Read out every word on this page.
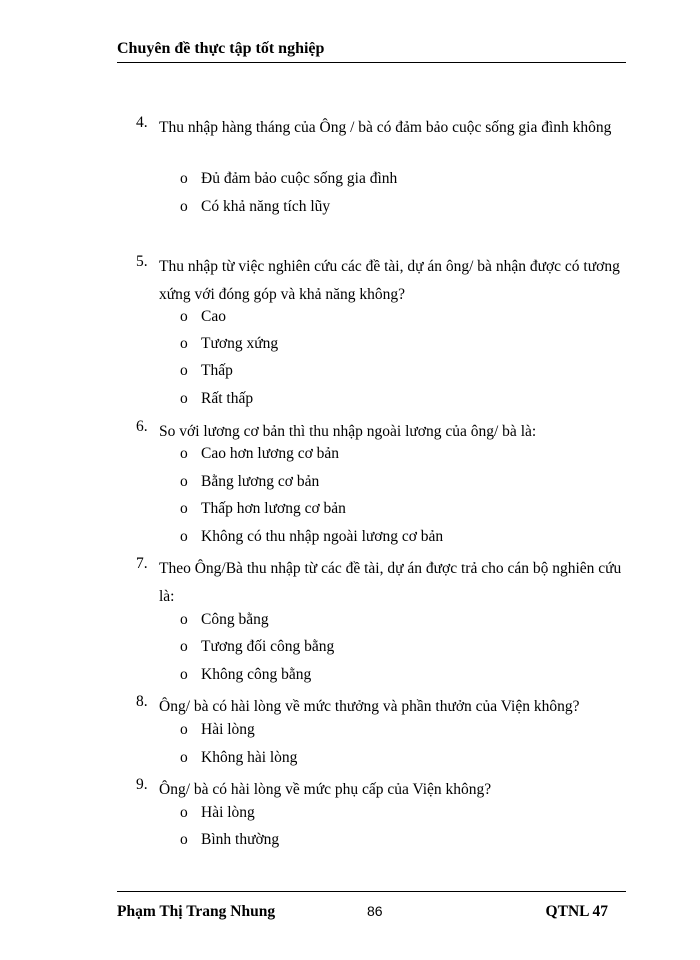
Chuyên đề thực tập tốt nghiệp
4. Thu nhập hàng tháng của Ông / bà có đảm bảo cuộc sống gia đình không
o Đủ đảm bảo cuộc sống gia đình
o Có khả năng tích lũy
5. Thu nhập từ việc nghiên cứu các đề tài, dự án ông/ bà nhận được có tương xứng với đóng góp và khả năng không?
o Cao
o Tương xứng
o Thấp
o Rất thấp
6. So với lương cơ bản thì thu nhập ngoài lương của ông/ bà là:
o Cao hơn lương cơ bản
o Bằng lương cơ bản
o Thấp hơn lương cơ bản
o Không có thu nhập ngoài lương cơ bản
7. Theo Ông/Bà thu nhập từ các đề tài, dự án được trả cho cán bộ nghiên cứu là:
o Công bằng
o Tương đối công bằng
o Không công bằng
8. Ông/ bà có hài lòng về mức thưởng và phần thưởn của Viện không?
o Hài lòng
o Không hài lòng
9. Ông/ bà có hài lòng về mức phụ cấp của Viện không?
o Hài lòng
o Bình thường
Phạm Thị Trang Nhung	86	QTNL 47
